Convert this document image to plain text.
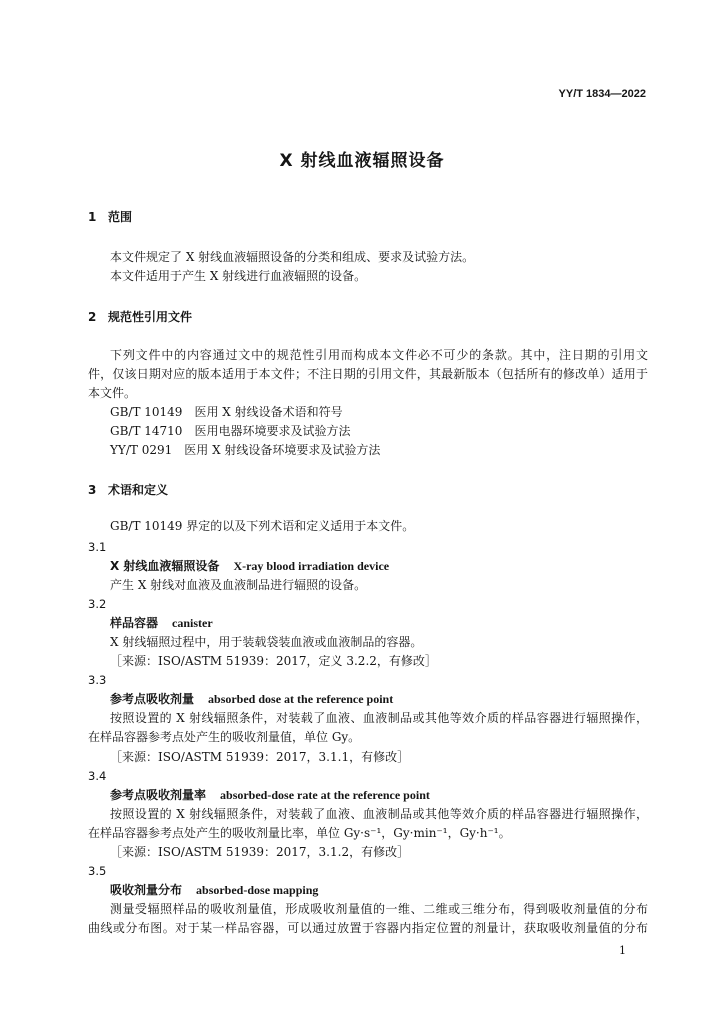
YY/T 1834—2022
X 射线血液辐照设备
1 范围
本文件规定了 X 射线血液辐照设备的分类和组成、要求及试验方法。
本文件适用于产生 X 射线进行血液辐照的设备。
2 规范性引用文件
下列文件中的内容通过文中的规范性引用而构成本文件必不可少的条款。其中，注日期的引用文
件，仅该日期对应的版本适用于本文件；不注日期的引用文件，其最新版本（包括所有的修改单）适用于
本文件。
GB/T 10149 医用 X 射线设备术语和符号
GB/T 14710 医用电器环境要求及试验方法
YY/T 0291 医用 X 射线设备环境要求及试验方法
3 术语和定义
GB/T 10149 界定的以及下列术语和定义适用于本文件。
3.1
X 射线血液辐照设备 X-ray blood irradiation device
产生 X 射线对血液及血液制品进行辐照的设备。
3.2
样品容器 canister
X 射线辐照过程中，用于装载袋装血液或血液制品的容器。
［来源：ISO/ASTM 51939：2017，定义 3.2.2，有修改］
3.3
参考点吸收剂量 absorbed dose at the reference point
按照设置的 X 射线辐照条件，对装载了血液、血液制品或其他等效介质的样品容器进行辐照操作，
在样品容器参考点处产生的吸收剂量值，单位 Gy。
［来源：ISO/ASTM 51939：2017，3.1.1，有修改］
3.4
参考点吸收剂量率 absorbed-dose rate at the reference point
按照设置的 X 射线辐照条件，对装载了血液、血液制品或其他等效介质的样品容器进行辐照操作，
在样品容器参考点处产生的吸收剂量比率，单位 Gy·s⁻¹，Gy·min⁻¹，Gy·h⁻¹。
［来源：ISO/ASTM 51939：2017，3.1.2，有修改］
3.5
吸收剂量分布 absorbed-dose mapping
测量受辐照样品的吸收剂量值，形成吸收剂量值的一维、二维或三维分布，得到吸收剂量值的分布
曲线或分布图。对于某一样品容器，可以通过放置于容器内指定位置的剂量计，获取吸收剂量值的分布
1
